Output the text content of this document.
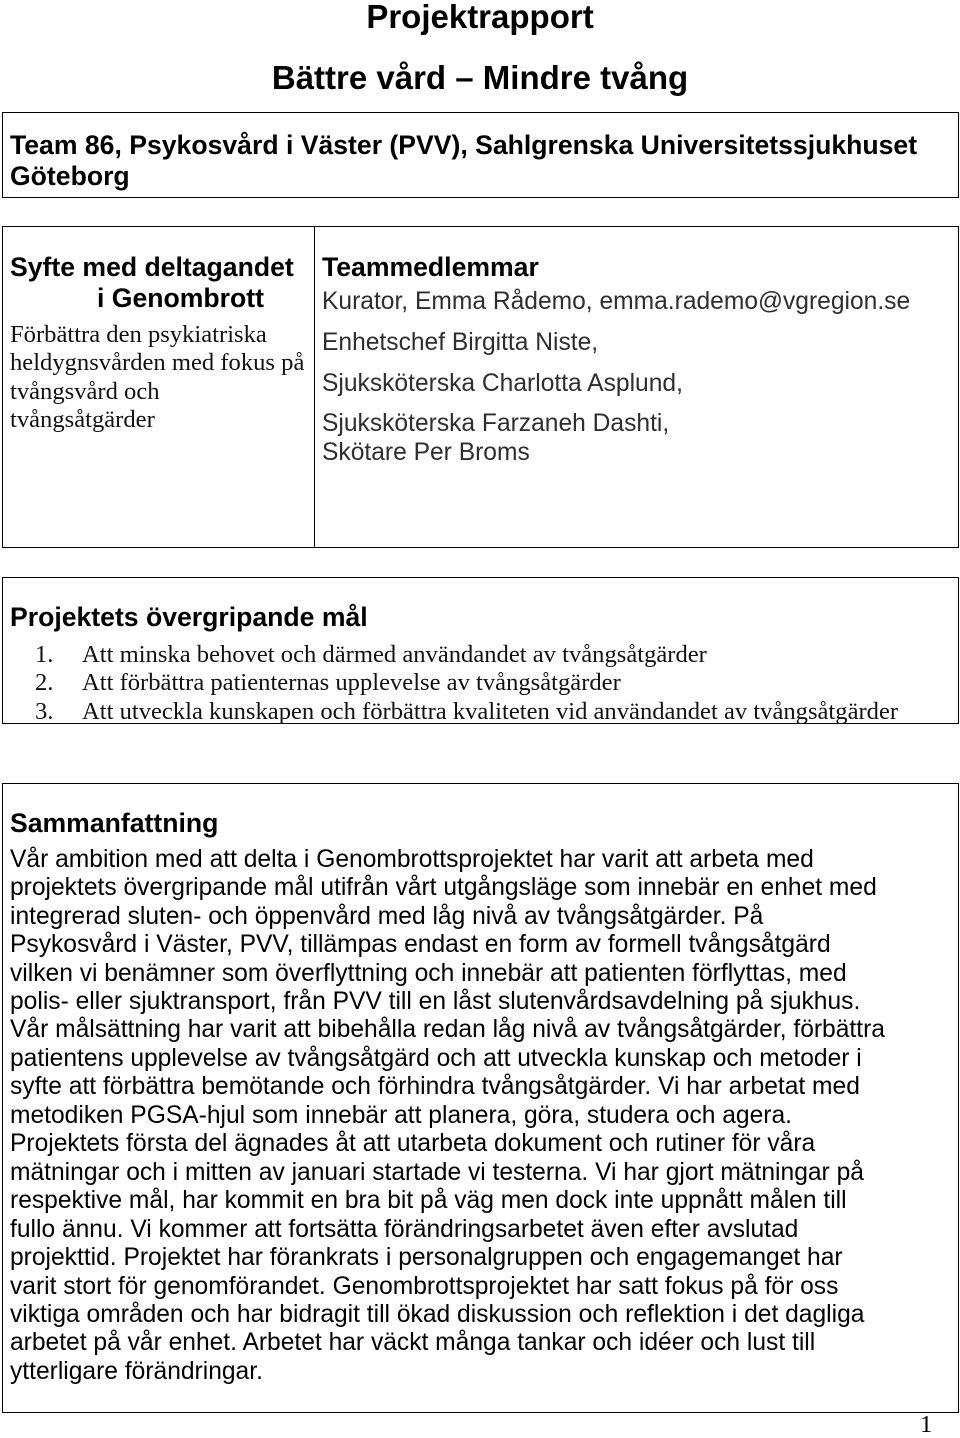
Projektrapport
Bättre vård – Mindre tvång
Team 86, Psykosvård i Väster (PVV), Sahlgrenska Universitetssjukhuset Göteborg
Syfte med deltagandet
i Genombrott
Förbättra den psykiatriska
heldygnsvården med fokus på
tvångsvård och
tvångsåtgärder
Teammedlemmar
Kurator, Emma Rådemo, emma.rademo@vgregion.se
Enhetschef Birgitta Niste,
Sjuksköterska Charlotta Asplund,
Sjuksköterska Farzaneh Dashti,
Skötare Per Broms
Projektets övergripande mål
1.	Att minska behovet och därmed användandet av tvångsåtgärder
2.	Att förbättra patienternas upplevelse av tvångsåtgärder
3.	Att utveckla kunskapen och förbättra kvaliteten vid användandet av tvångsåtgärder
Sammanfattning
Vår ambition med att delta i Genombrottsprojektet har varit att arbeta med
projektets övergripande mål utifrån vårt utgångsläge som innebär en enhet med
integrerad sluten- och öppenvård med låg nivå av tvångsåtgärder. På
Psykosvård i Väster, PVV, tillämpas endast en form av formell tvångsåtgärd
vilken vi benämner som överflyttning och innebär att patienten förflyttas, med
polis- eller sjuktransport, från PVV till en låst slutenvårdsavdelning på sjukhus.
Vår målsättning har varit att bibehålla redan låg nivå av tvångsåtgärder, förbättra
patientens upplevelse av tvångsåtgärd och att utveckla kunskap och metoder i
syfte att förbättra bemötande och förhindra tvångsåtgärder. Vi har arbetat med
metodiken PGSA-hjul som innebär att planera, göra, studera och agera.
Projektets första del ägnades åt att utarbeta dokument och rutiner för våra
mätningar och i mitten av januari startade vi testerna. Vi har gjort mätningar på
respektive mål, har kommit en bra bit på väg men dock inte uppnått målen till
fullo ännu. Vi kommer att fortsätta förändringsarbetet även efter avslutad
projekttid. Projektet har förankrats i personalgruppen och engagemanget har
varit stort för genomförandet. Genombrottsprojektet har satt fokus på för oss
viktiga områden och har bidragit till ökad diskussion och reflektion i det dagliga
arbetet på vår enhet. Arbetet har väckt många tankar och idéer och lust till
ytterligare förändringar.
1
